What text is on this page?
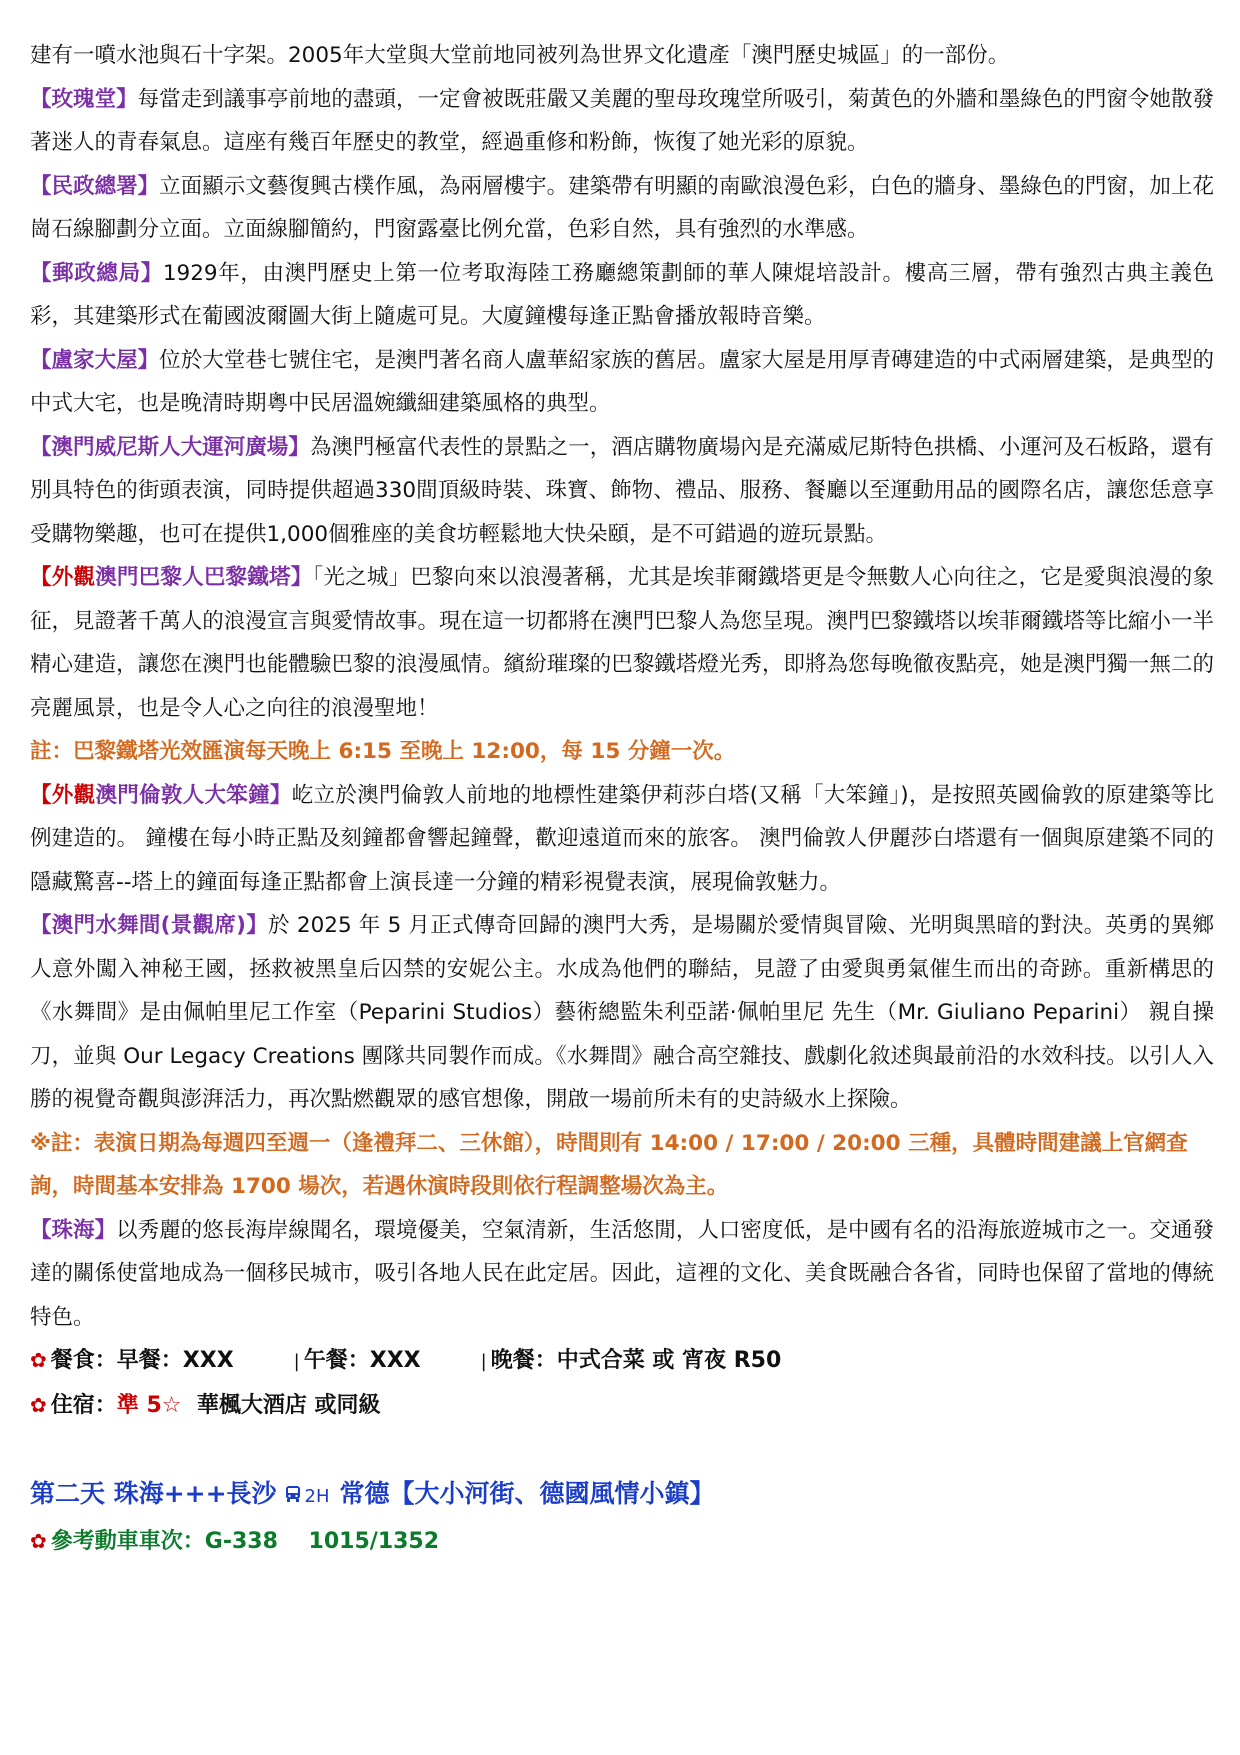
建有一噴水池與石十字架。2005年大堂與大堂前地同被列為世界文化遺產「澳門歷史城區」的一部份。

【玫瑰堂】每當走到議事亭前地的盡頭，一定會被既莊嚴又美麗的聖母玫瑰堂所吸引，菊黃色的外牆和墨綠色的門窗令她散發著迷人的青春氣息。這座有幾百年歷史的教堂，經過重修和粉飾，恢復了她光彩的原貌。

【民政總署】立面顯示文藝復興古樸作風，為兩層樓宇。建築帶有明顯的南歐浪漫色彩，白色的牆身、墨綠色的門窗，加上花崗石線腳劃分立面。立面線腳簡約，門窗露臺比例允當，色彩自然，具有強烈的水準感。

【郵政總局】1929年，由澳門歷史上第一位考取海陸工務廳總策劃師的華人陳焜培設計。樓高三層，帶有強烈古典主義色彩，其建築形式在葡國波爾圖大街上隨處可見。大廈鐘樓每逢正點會播放報時音樂。

【盧家大屋】位於大堂巷七號住宅，是澳門著名商人盧華紹家族的舊居。盧家大屋是用厚青磚建造的中式兩層建築，是典型的中式大宅，也是晚清時期粵中民居溫婉纖細建築風格的典型。

【澳門威尼斯人大運河廣場】為澳門極富代表性的景點之一，酒店購物廣場內是充滿威尼斯特色拱橋、小運河及石板路，還有別具特色的街頭表演，同時提供超過330間頂級時裝、珠寶、飾物、禮品、服務、餐廳以至運動用品的國際名店，讓您恁意享受購物樂趣，也可在提供1,000個雅座的美食坊輕鬆地大快朵頤，是不可錯過的遊玩景點。

【外觀澳門巴黎人巴黎鐵塔】「光之城」巴黎向來以浪漫著稱，尤其是埃菲爾鐵塔更是令無數人心向往之，它是愛與浪漫的象征，見證著千萬人的浪漫宣言與愛情故事。現在這一切都將在澳門巴黎人為您呈現。澳門巴黎鐵塔以埃菲爾鐵塔等比縮小一半精心建造，讓您在澳門也能體驗巴黎的浪漫風情。繽紛璀璨的巴黎鐵塔燈光秀，即將為您每晚徹夜點亮，她是澳門獨一無二的亮麗風景，也是令人心之向往的浪漫聖地！

註：巴黎鐵塔光效匯演每天晚上 6:15 至晚上 12:00，每 15 分鐘一次。

【外觀澳門倫敦人大笨鐘】屹立於澳門倫敦人前地的地標性建築伊莉莎白塔(又稱「大笨鐘」)，是按照英國倫敦的原建築等比例建造的。 鐘樓在每小時正點及刻鐘都會響起鐘聲，歡迎遠道而來的旅客。 澳門倫敦人伊麗莎白塔還有一個與原建築不同的隱藏驚喜--塔上的鐘面每逢正點都會上演長達一分鐘的精彩視覺表演，展現倫敦魅力。

【澳門水舞間(景觀席)】於 2025 年 5 月正式傳奇回歸的澳門大秀，是場關於愛情與冒險、光明與黑暗的對決。英勇的異鄉人意外闖入神秘王國，拯救被黑皇后囚禁的安妮公主。水成為他們的聯結，見證了由愛與勇氣催生而出的奇跡。重新構思的《水舞間》是由佩帕里尼工作室（Peparini Studios）藝術總監朱利亞諾·佩帕里尼 先生（Mr. Giuliano Peparini） 親自操刀，並與 Our Legacy Creations 團隊共同製作而成。《水舞間》融合高空雜技、戲劇化敘述與最前沿的水效科技。以引人入勝的視覺奇觀與澎湃活力，再次點燃觀眾的感官想像，開啟一場前所未有的史詩級水上探險。

※註：表演日期為每週四至週一（逢禮拜二、三休館），時間則有 14:00 / 17:00 / 20:00 三種，具體時間建議上官網查詢，時間基本安排為 1700 場次，若遇休演時段則依行程調整場次為主。

【珠海】以秀麗的悠長海岸線聞名，環境優美，空氣清新，生活悠閒，人口密度低，是中國有名的沿海旅遊城市之一。交通發達的關係使當地成為一個移民城市，吸引各地人民在此定居。因此，這裡的文化、美食既融合各省，同時也保留了當地的傳統特色。

✿ 餐食：早餐：XXX	| 午餐：XXX	| 晚餐：中式合菜 或 宵夜 R50

✿ 住宿：準 5☆ 華楓大酒店 或同級

第二天 珠海+++長沙 2H 常德【大小河街、德國風情小鎮】

✿ 參考動車車次：G-338 1015/1352
